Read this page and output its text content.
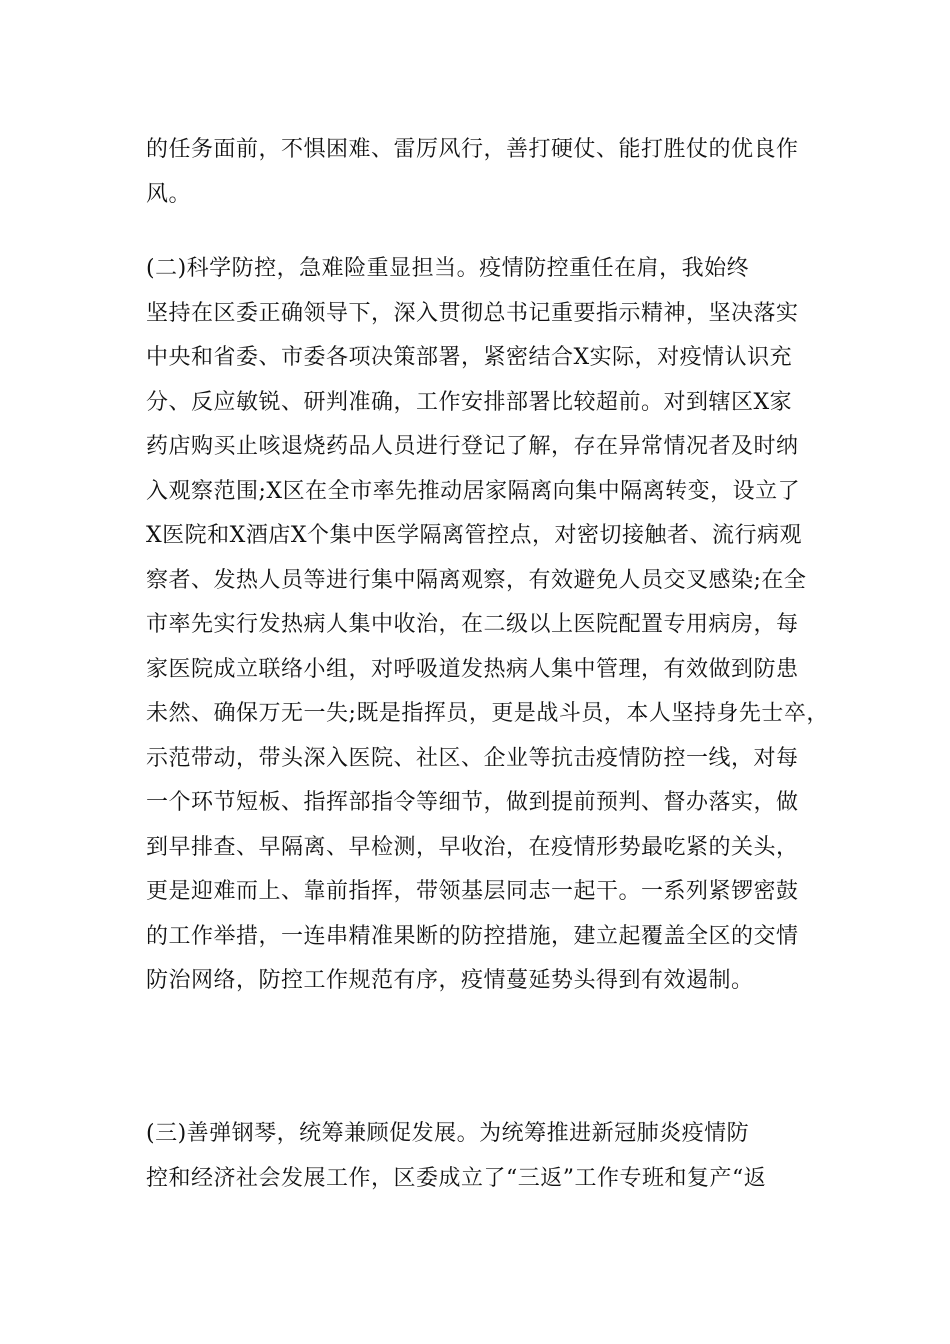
的任务面前，不惧困难、雷厉风行，善打硬仗、能打胜仗的优良作
风。
(二)科学防控，急难险重显担当。疫情防控重任在肩，我始终
坚持在区委正确领导下，深入贯彻总书记重要指示精神，坚决落实
中央和省委、市委各项决策部署，紧密结合X实际，对疫情认识充
分、反应敏锐、研判准确，工作安排部署比较超前。对到辖区X家
药店购买止咳退烧药品人员进行登记了解，存在异常情况者及时纳
入观察范围;X区在全市率先推动居家隔离向集中隔离转变，设立了
X医院和X酒店X个集中医学隔离管控点，对密切接触者、流行病观
察者、发热人员等进行集中隔离观察，有效避免人员交叉感染;在全
市率先实行发热病人集中收治，在二级以上医院配置专用病房，每
家医院成立联络小组，对呼吸道发热病人集中管理，有效做到防患
未然、确保万无一失;既是指挥员，更是战斗员，本人坚持身先士卒，
示范带动，带头深入医院、社区、企业等抗击疫情防控一线，对每
一个环节短板、指挥部指令等细节，做到提前预判、督办落实，做
到早排查、早隔离、早检测，早收治，在疫情形势最吃紧的关头，
更是迎难而上、靠前指挥，带领基层同志一起干。一系列紧锣密鼓
的工作举措，一连串精准果断的防控措施，建立起覆盖全区的交情
防治网络，防控工作规范有序，疫情蔓延势头得到有效遏制。
(三)善弹钢琴，统筹兼顾促发展。为统筹推进新冠肺炎疫情防
控和经济社会发展工作，区委成立了“三返”工作专班和复产“返
